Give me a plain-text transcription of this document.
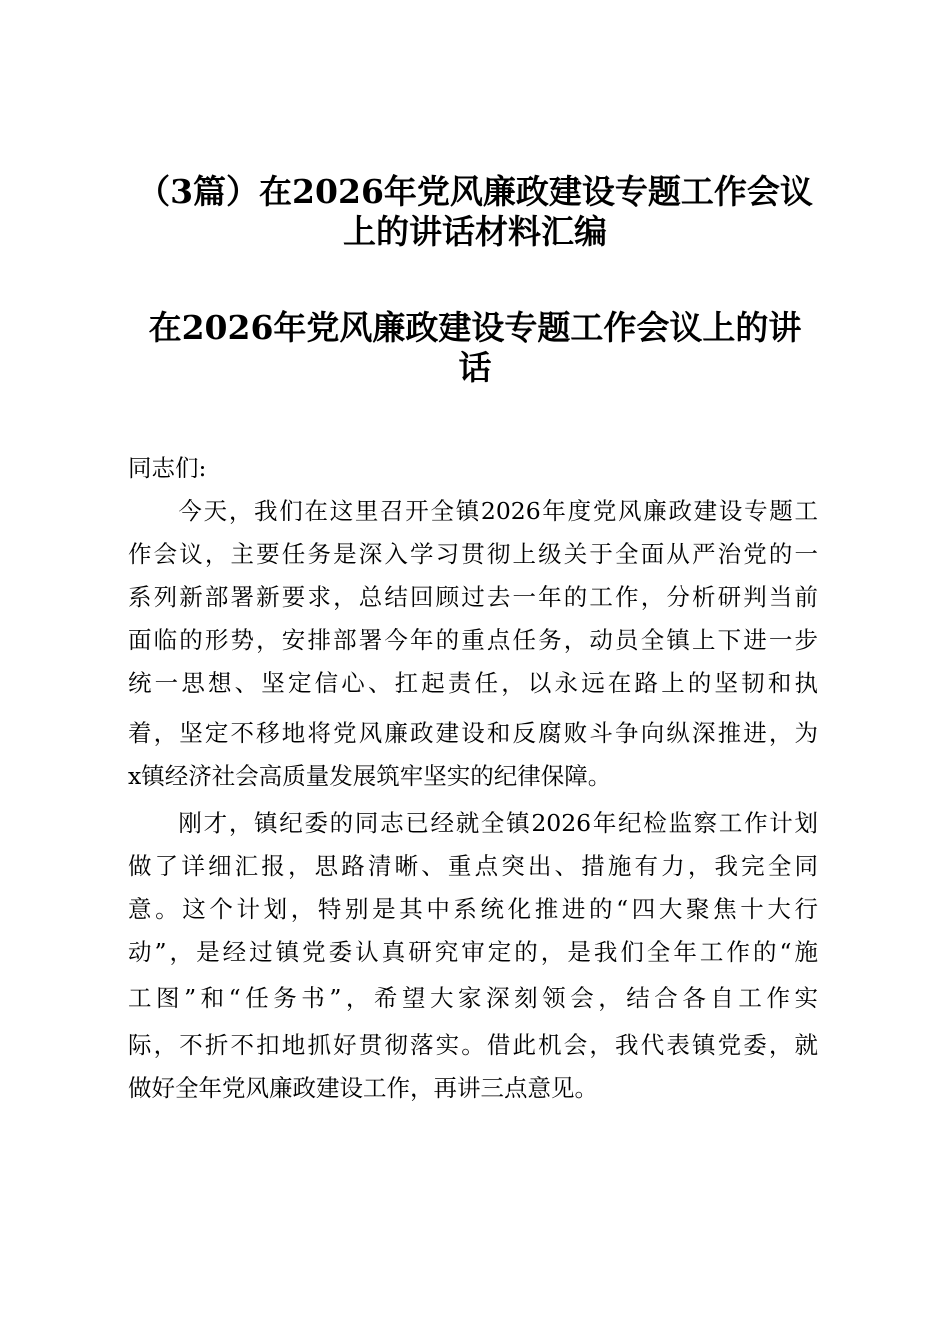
（3篇）在2026年党风廉政建设专题工作会议
上的讲话材料汇编
在2026年党风廉政建设专题工作会议上的讲
话
同志们:
　　今天，我们在这里召开全镇2026年度党风廉政建设专题工
作会议，主要任务是深入学习贯彻上级关于全面从严治党的一
系列新部署新要求，总结回顾过去一年的工作，分析研判当前
面临的形势，安排部署今年的重点任务，动员全镇上下进一步
统一思想、坚定信心、扛起责任，以永远在路上的坚韧和执
着，坚定不移地将党风廉政建设和反腐败斗争向纵深推进，为
x镇经济社会高质量发展筑牢坚实的纪律保障。
　　刚才，镇纪委的同志已经就全镇2026年纪检监察工作计划
做了详细汇报，思路清晰、重点突出、措施有力，我完全同
意。这个计划，特别是其中系统化推进的“四大聚焦十大行
动”，是经过镇党委认真研究审定的，是我们全年工作的“施
工图”和“任务书”，希望大家深刻领会，结合各自工作实
际，不折不扣地抓好贯彻落实。借此机会，我代表镇党委，就
做好全年党风廉政建设工作，再讲三点意见。
